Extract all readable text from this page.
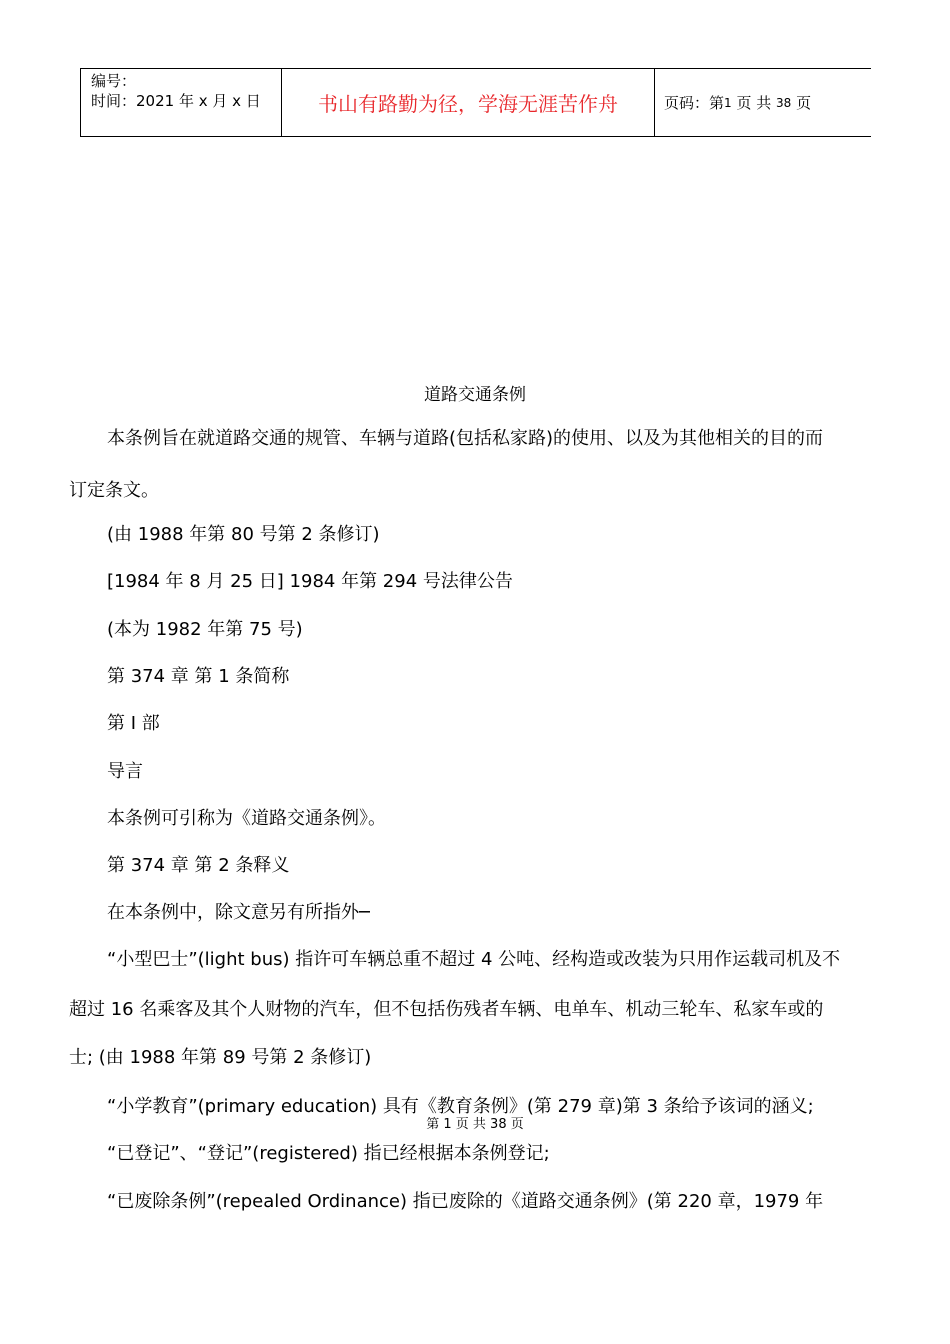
编号：
时间：2021 年 x 月 x 日	书山有路勤为径，学海无涯苦作舟	页码：第 1
页 共
38
页
道路交通条例
本条例旨在就道路交通的规管、车辆与道路(包括私家路)的使用、以及为其他相关的目的而
订定条文。
(由 1988 年第 80 号第 2 条修订)
[1984 年 8 月 25 日] 1984 年第 294 号法律公告
(本为 1982 年第 75 号)
第 374 章 第 1 条简称
第 I 部
导言
本条例可引称为《道路交通条例》。
第 374 章 第 2 条释义
在本条例中，除文意另有所指外─
“小型巴士”(light bus) 指许可车辆总重不超过 4 公吨、经构造或改装为只用作运载司机及不
超过 16 名乘客及其个人财物的汽车，但不包括伤残者车辆、电单车、机动三轮车、私家车或的
士; (由 1988 年第 89 号第 2 条修订)
“小学教育”(primary education) 具有《教育条例》(第 279 章)第 3 条给予该词的涵义;
第 1 页 共 38 页
“已登记”、“登记”(registered) 指已经根据本条例登记;
“已废除条例”(repealed Ordinance) 指已废除的《道路交通条例》(第 220 章，1979 年
